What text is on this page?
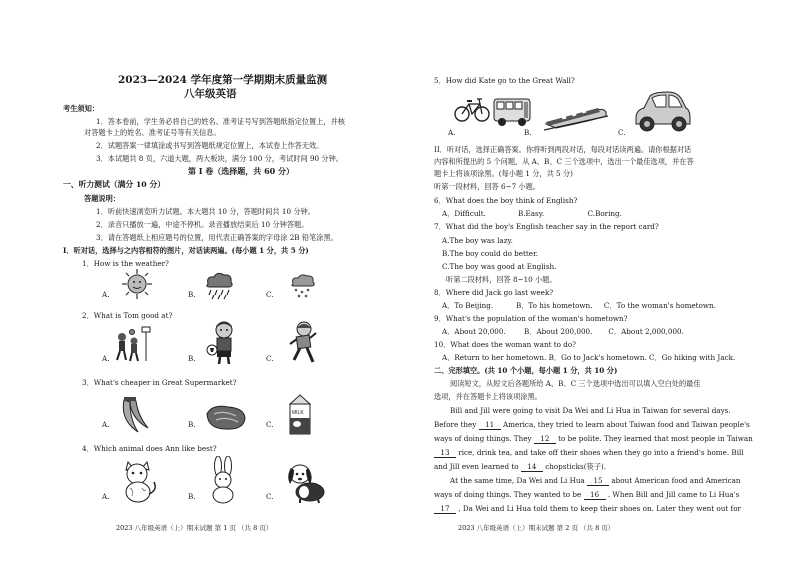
2023—2024 学年度第一学期期末质量监测
八年级英语
考生须知：
1．答本卷前，学生务必将自己的姓名、准考证号写到答题纸指定位置上，并核
对答题卡上的姓名、准考证号等有关信息。
2．试题答案一律填涂或书写到答题纸规定位置上，本试卷上作答无效。
3．本试题共 8 页，六道大题，两大板块，满分 100 分，考试时间 90 分钟。
第 I 卷（选择题，共 60 分）
一、听力测试（满分 10 分）
答题说明：
1．听前快速浏览听力试题。本大题共 10 分，答题时间共 10 分钟。
2．录音只播放一遍，中途不停机。录音播放结束后 10 分钟答题。
3．请在答题纸上相应题号的位置，用代表正确答案的字母涂 2B 铅笔涂黑。
I．听对话，选择与之内容相符的图片，对话读两遍。(每小题 1 分，共 5 分)
1．How is the weather?
A.	B.	C.
2．What is Tom good at?
A.	B.	C.
3．What's cheaper in Great Supermarket?
A.	B.	C.
MILK
4．Which animal does Ann like best?
A.	B.	C.
2023 八年级英语（上）期末试题 第 1 页 （共 8 页）
5．How did Kate go to the Great Wall?
A.	B.	C.
II．听对话，选择正确答案。你将听到两段对话，每段对话读两遍。请你根据对话
内容和所提出的 5 个问题，从 A、B、C 三个选项中，选出一个最佳选项，并在答
题卡上将该项涂黑。(每小题 1 分，共 5 分)
听第一段材料，回答 6~7 小题。
6．What does the boy think of English?
A．Difficult.              B.Easy.                   C.Boring.
7．What did the boy's English teacher say in the report card?
A.The boy was lazy.
B.The boy could do better.
C.The boy was good at English.
听第二段材料，回答 8~10 小题。
8．Where did Jack go last week?
A．To Beijing.          B．To his hometown.     C．To the woman's hometown.
9．What's the population of the woman's hometown?
A．About 20,000.        B．About 200,000.       C．About 2,000,000.
10．What does the woman want to do?
A．Return to her hometown. B．Go to Jack's hometown. C．Go hiking with Jack.
二、完形填空。(共 10 个小题，每小题 1 分，共 10 分)
阅读短文，从短文后各题所给 A、B、C 三个选项中选出可以填入空白处的最佳
选项，并在答题卡上将该项涂黑。
Bill and Jill were going to visit Da Wei and Li Hua in Taiwan for several days.
Before they 11 America, they tried to learn about Taiwan food and Taiwan people's
ways of doing things. They 12 to be polite. They learned that most people in Taiwan
13 rice, drink tea, and take off their shoes when they go into a friend's home. Bill
and Jill even learned to 14 chopsticks(筷子).
At the same time, Da Wei and Li Hua 15 about American food and American
ways of doing things. They wanted to be 16 . When Bill and Jill came to Li Hua's
17 , Da Wei and Li Hua told them to keep their shoes on. Later they went out for
2023 八年级英语（上）期末试题 第 2 页 （共 8 页）
